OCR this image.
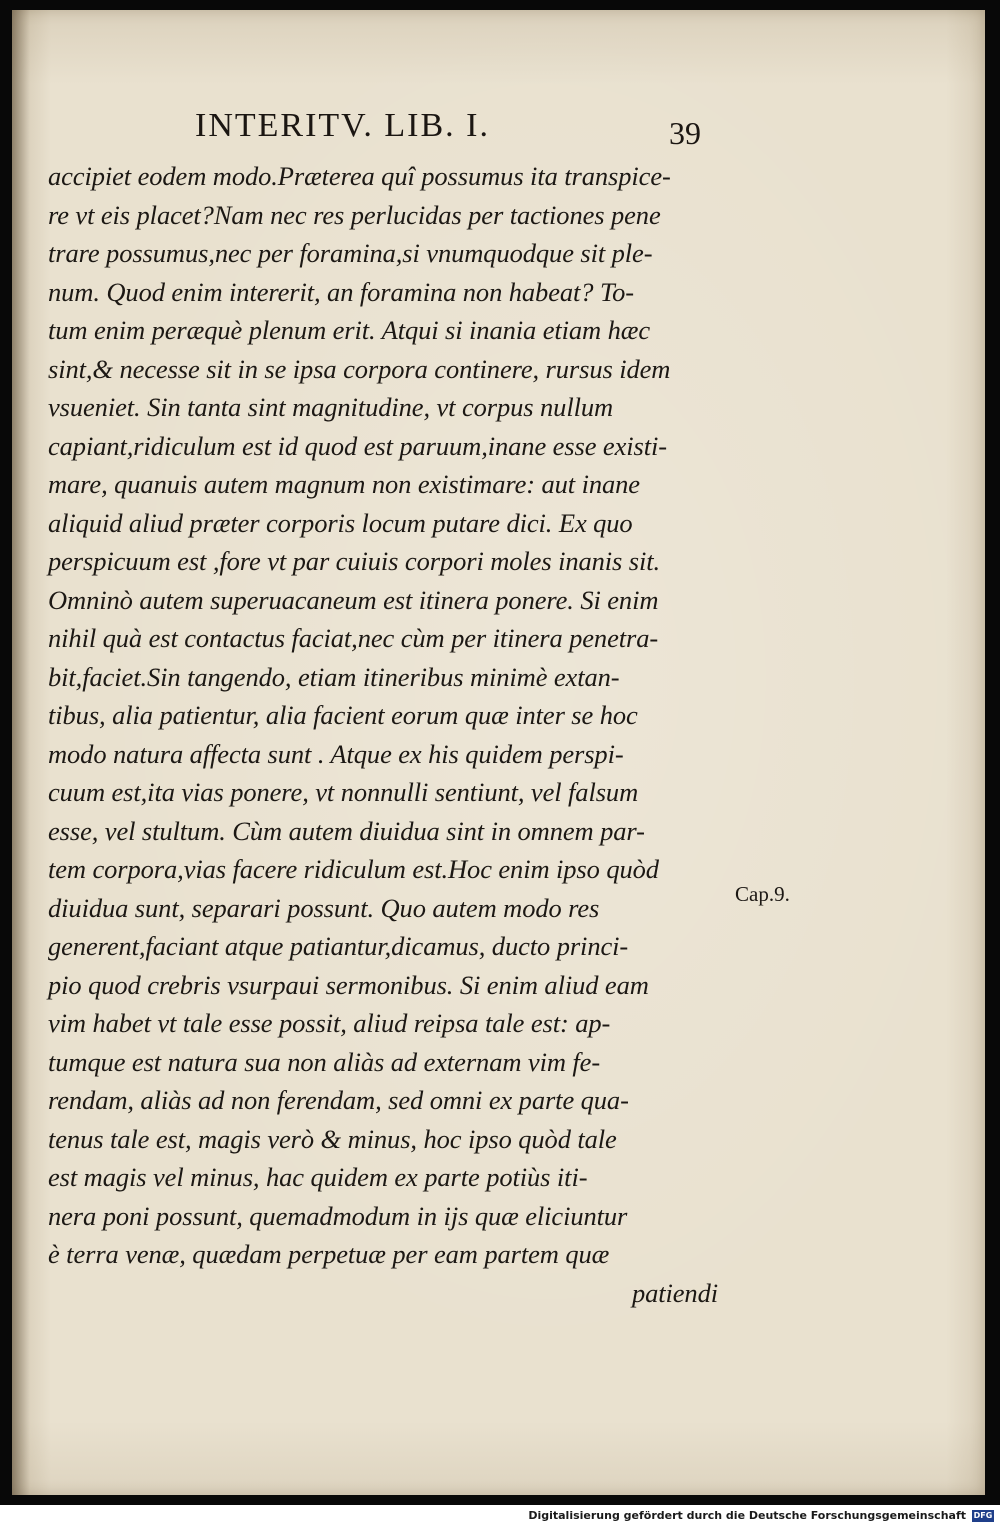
INTERITV. LIB. I.	39
accipiet eodem modo.Præterea quî possumus ita transpice-
re vt eis placet?Nam nec res perlucidas per tactiones pene
trare possumus,nec per foramina,si vnumquodque sit ple-
num. Quod enim intererit, an foramina non habeat? To-
tum enim peræquè plenum erit. Atqui si inania etiam hæc
sint,& necesse sit in se ipsa corpora continere, rursus idem
vsueniet. Sin tanta sint magnitudine, vt corpus nullum
capiant,ridiculum est id quod est paruum,inane esse existi-
mare, quanuis autem magnum non existimare: aut inane
aliquid aliud præter corporis locum putare dici. Ex quo
perspicuum est ,fore vt par cuiuis corpori moles inanis sit.
Omninò autem superuacaneum est itinera ponere. Si enim
nihil quà est contactus faciat,nec cùm per itinera penetra-
bit,faciet.Sin tangendo, etiam itineribus minimè extan-
tibus, alia patientur, alia facient eorum quæ inter se hoc
modo natura affecta sunt . Atque ex his quidem perspi-
cuum est,ita vias ponere, vt nonnulli sentiunt, vel falsum
esse, vel stultum. Cùm autem diuidua sint in omnem par-
tem corpora,vias facere ridiculum est.Hoc enim ipso quòd
diuidua sunt, separari possunt. Quo autem modo res
generent,faciant atque patiantur,dicamus, ducto princi-
pio quod crebris vsurpaui sermonibus. Si enim aliud eam
vim habet vt tale esse possit, aliud reipsa tale est: ap-
tumque est natura sua non aliàs ad externam vim fe-
rendam, aliàs ad non ferendam, sed omni ex parte qua-
tenus tale est, magis verò & minus, hoc ipso quòd tale
est magis vel minus, hac quidem ex parte potiùs iti-
nera poni possunt, quemadmodum in ijs quæ eliciuntur
è terra venæ, quædam perpetuæ per eam partem quæ
patiendi
Cap.9.
Digitalisierung gefördert durch die Deutsche Forschungsgemeinschaft DFG
